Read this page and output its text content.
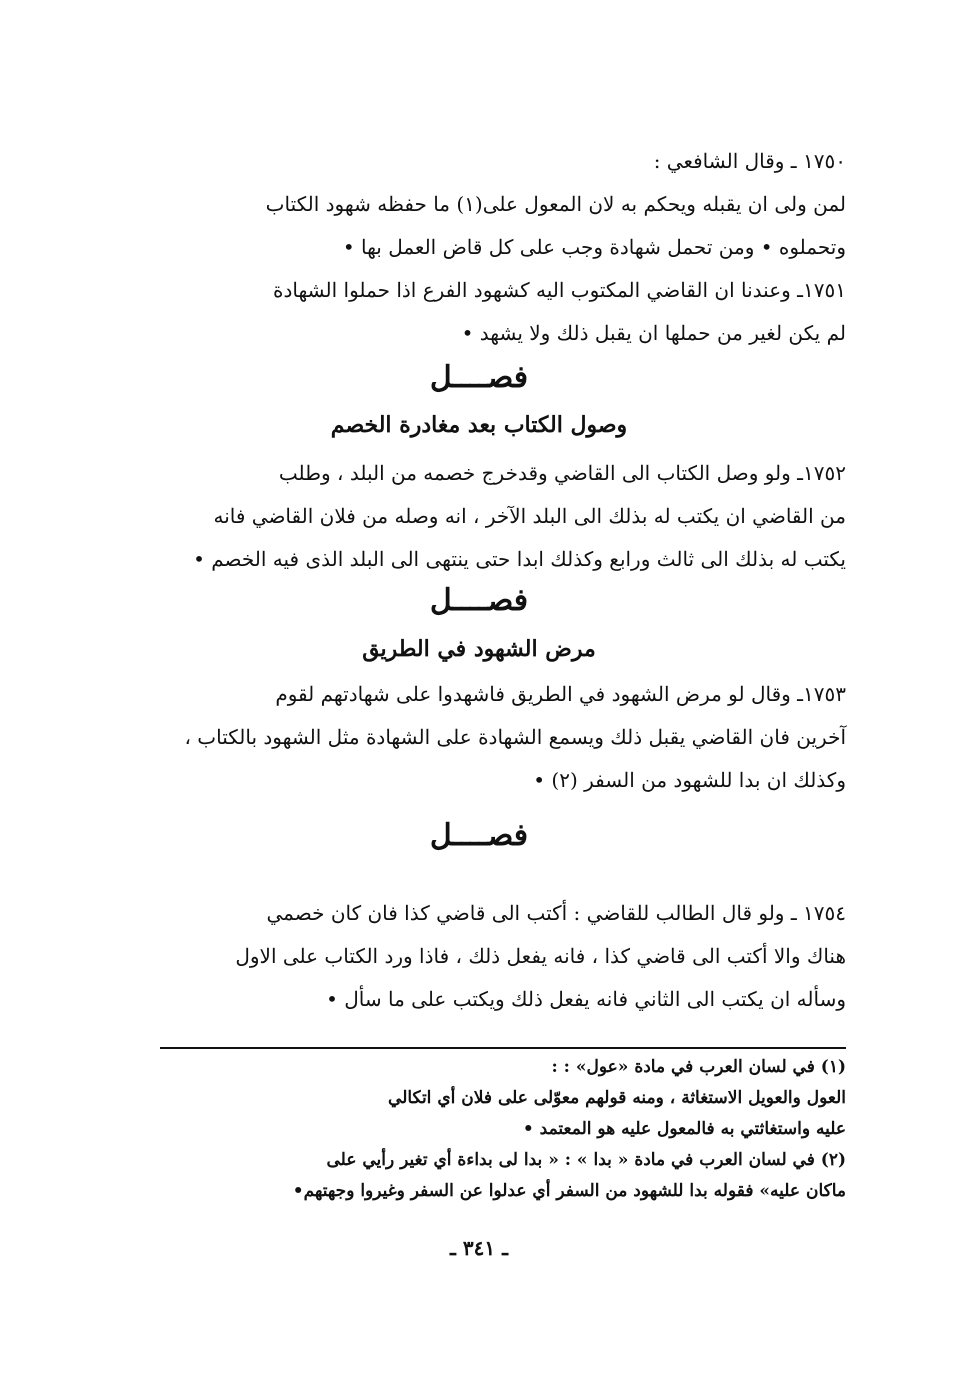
١٧٥٠ ـ وقال الشافعي :
لمن ولى ان يقبله ويحكم به لان المعول على(١) ما حفظه شهود الكتاب
وتحملوه • ومن تحمل شهادة وجب على كل قاض العمل بها •
١٧٥١ـ وعندنا ان القاضي المكتوب اليه كشهود الفرع اذا حملوا الشهادة
لم يكن لغير من حملها ان يقبل ذلك ولا يشهد •
فصــــل
وصول الكتاب بعد مغادرة الخصم
١٧٥٢ـ ولو وصل الكتاب الى القاضي وقدخرج خصمه من البلد ، وطلب
من القاضي ان يكتب له بذلك الى البلد الآخر ، انه وصله من فلان القاضي فانه
يكتب له بذلك الى ثالث ورابع وكذلك ابدا حتى ينتهى الى البلد الذى فيه الخصم •
فصــــل
مرض الشهود في الطريق
١٧٥٣ـ وقال لو مرض الشهود في الطريق فاشهدوا على شهادتهم لقوم
آخرين فان القاضي يقبل ذلك ويسمع الشهادة على الشهادة مثل الشهود بالكتاب ،
وكذلك ان بدا للشهود من السفر (٢) •
فصــــل
١٧٥٤ ـ ولو قال الطالب للقاضي : أكتب الى قاضي كذا فان كان خصمي
هناك والا أكتب الى قاضي كذا ، فانه يفعل ذلك ، فاذا ورد الكتاب على الاول
وسأله ان يكتب الى الثاني فانه يفعل ذلك ويكتب على ما سأل •
(١) في لسان العرب في مادة «عول» : :
العول والعويل الاستغاثة ، ومنه قولهم معوّلى على فلان أي اتكالي
عليه واستغاثتي به فالمعول عليه هو المعتمد •
(٢) في لسان العرب في مادة « بدا » : « بدا لى بداءة أي تغير رأيي على
ماكان عليه» فقوله بدا للشهود من السفر أي عدلوا عن السفر وغيروا وجهتهم•
ـ ٣٤١ ـ
